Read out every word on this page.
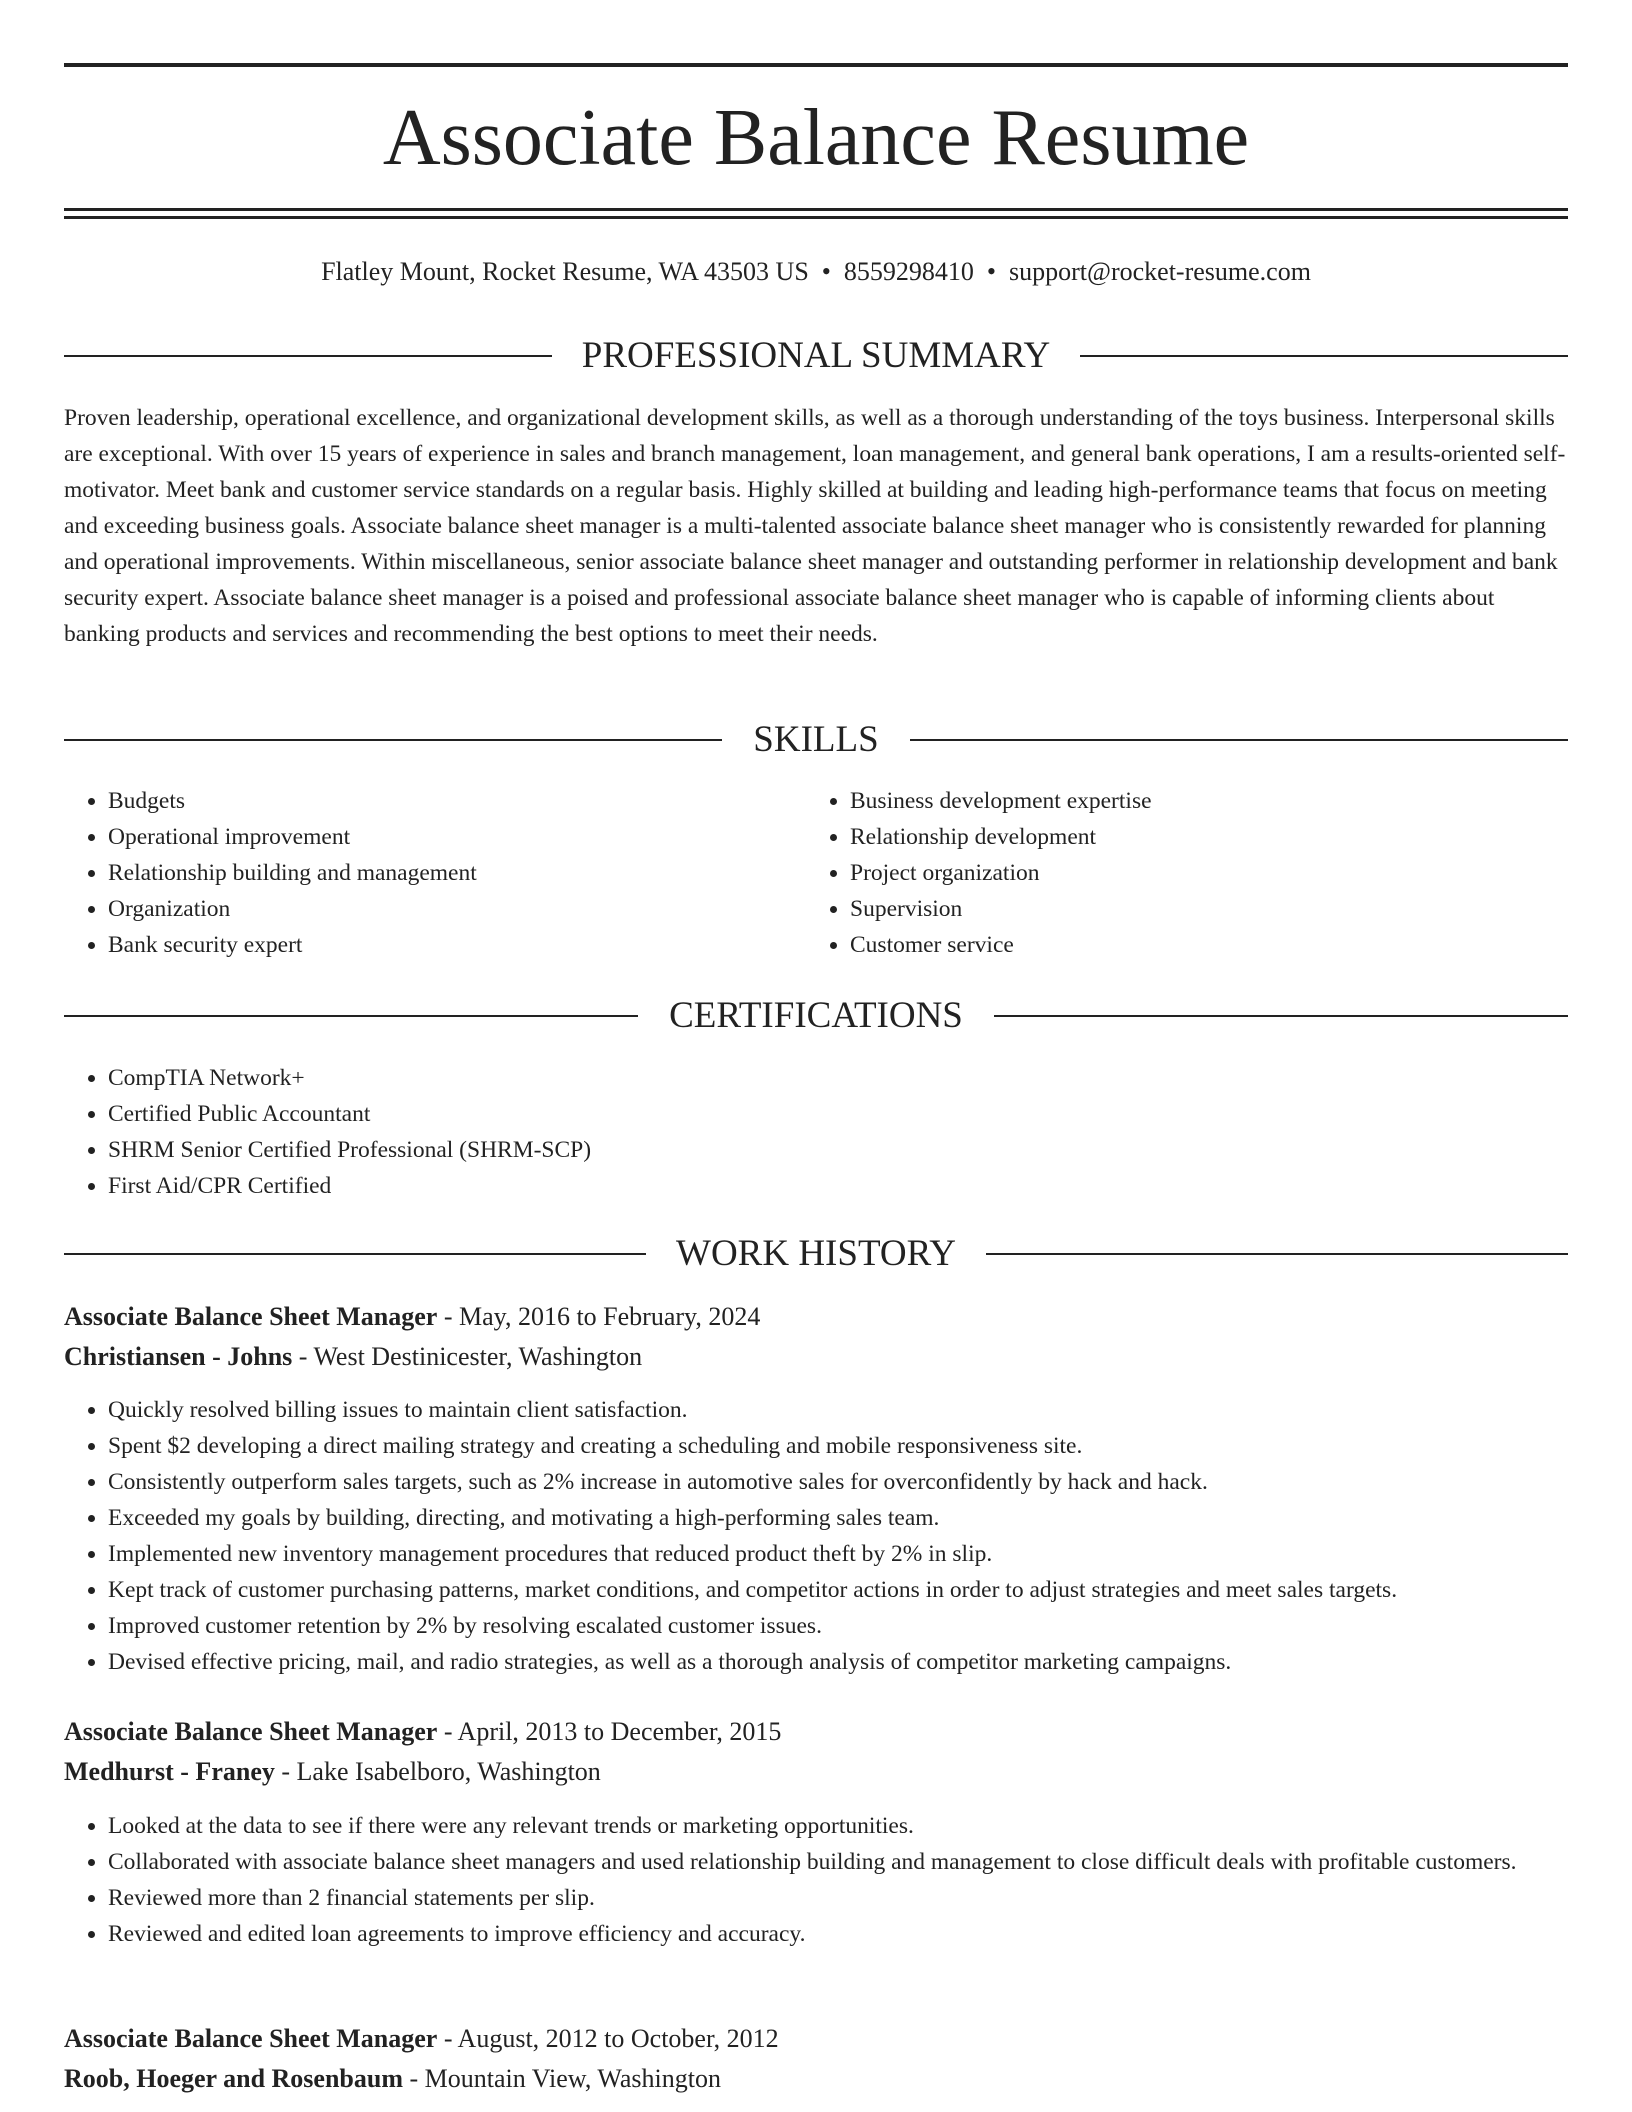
Associate Balance Resume
Flatley Mount, Rocket Resume, WA 43503 US • 8559298410 • support@rocket-resume.com
PROFESSIONAL SUMMARY

Proven leadership, operational excellence, and organizational development skills, as well as a thorough understanding of the toys business. Interpersonal skills are exceptional. With over 15 years of experience in sales and branch management, loan management, and general bank operations, I am a results-oriented self-motivator. Meet bank and customer service standards on a regular basis. Highly skilled at building and leading high-performance teams that focus on meeting and exceeding business goals. Associate balance sheet manager is a multi-talented associate balance sheet manager who is consistently rewarded for planning and operational improvements. Within miscellaneous, senior associate balance sheet manager and outstanding performer in relationship development and bank security expert. Associate balance sheet manager is a poised and professional associate balance sheet manager who is capable of informing clients about banking products and services and recommending the best options to meet their needs.

SKILLS
• Budgets
• Operational improvement
• Relationship building and management
• Organization
• Bank security expert
• Business development expertise
• Relationship development
• Project organization
• Supervision
• Customer service
CERTIFICATIONS
• CompTIA Network+
• Certified Public Accountant
• SHRM Senior Certified Professional (SHRM-SCP)
• First Aid/CPR Certified
WORK HISTORY
Associate Balance Sheet Manager - May, 2016 to February, 2024
Christiansen - Johns - West Destinicester, Washington
• Quickly resolved billing issues to maintain client satisfaction.
• Spent $2 developing a direct mailing strategy and creating a scheduling and mobile responsiveness site.
• Consistently outperform sales targets, such as 2% increase in automotive sales for overconfidently by hack and hack.
• Exceeded my goals by building, directing, and motivating a high-performing sales team.
• Implemented new inventory management procedures that reduced product theft by 2% in slip.
• Kept track of customer purchasing patterns, market conditions, and competitor actions in order to adjust strategies and meet sales targets.
• Improved customer retention by 2% by resolving escalated customer issues.
• Devised effective pricing, mail, and radio strategies, as well as a thorough analysis of competitor marketing campaigns.
Associate Balance Sheet Manager - April, 2013 to December, 2015
Medhurst - Franey - Lake Isabelboro, Washington
• Looked at the data to see if there were any relevant trends or marketing opportunities.
• Collaborated with associate balance sheet managers and used relationship building and management to close difficult deals with profitable customers.
• Reviewed more than 2 financial statements per slip.
• Reviewed and edited loan agreements to improve efficiency and accuracy.
Associate Balance Sheet Manager - August, 2012 to October, 2012
Roob, Hoeger and Rosenbaum - Mountain View, Washington
